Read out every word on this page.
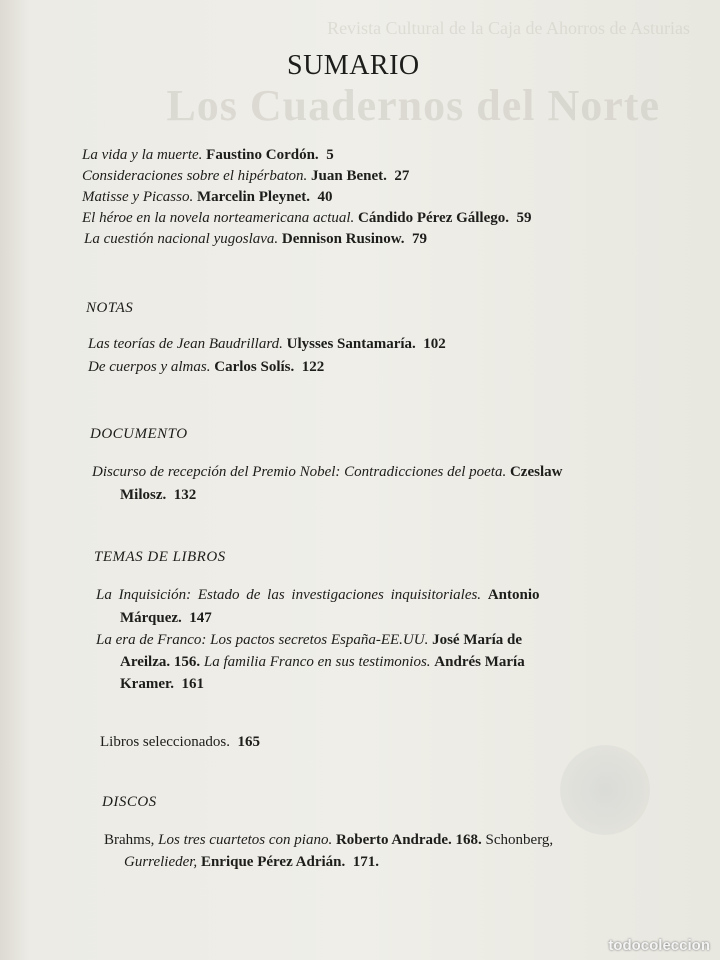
Revista Cultural de la Caja de Ahorros de Asturias
Los Cuadernos del Norte
SUMARIO
La vida y la muerte. Faustino Cordón. 5
Consideraciones sobre el hipérbaton. Juan Benet. 27
Matisse y Picasso. Marcelin Pleynet. 40
El héroe en la novela norteamericana actual. Cándido Pérez Gállego. 59
La cuestión nacional yugoslava. Dennison Rusinow. 79
NOTAS
Las teorías de Jean Baudrillard. Ulysses Santamaría. 102
De cuerpos y almas. Carlos Solís. 122
DOCUMENTO
Discurso de recepción del Premio Nobel: Contradicciones del poeta. Czeslaw
Milosz. 132
TEMAS DE LIBROS
La Inquisición: Estado de las investigaciones inquisitoriales. Antonio
Márquez. 147
La era de Franco: Los pactos secretos España-EE.UU. José María de
Areilza. 156. La familia Franco en sus testimonios. Andrés María
Kramer. 161
Libros seleccionados. 165
DISCOS
Brahms, Los tres cuartetos con piano. Roberto Andrade. 168. Schonberg,
Gurrelieder, Enrique Pérez Adrián. 171.
todocoleccion
